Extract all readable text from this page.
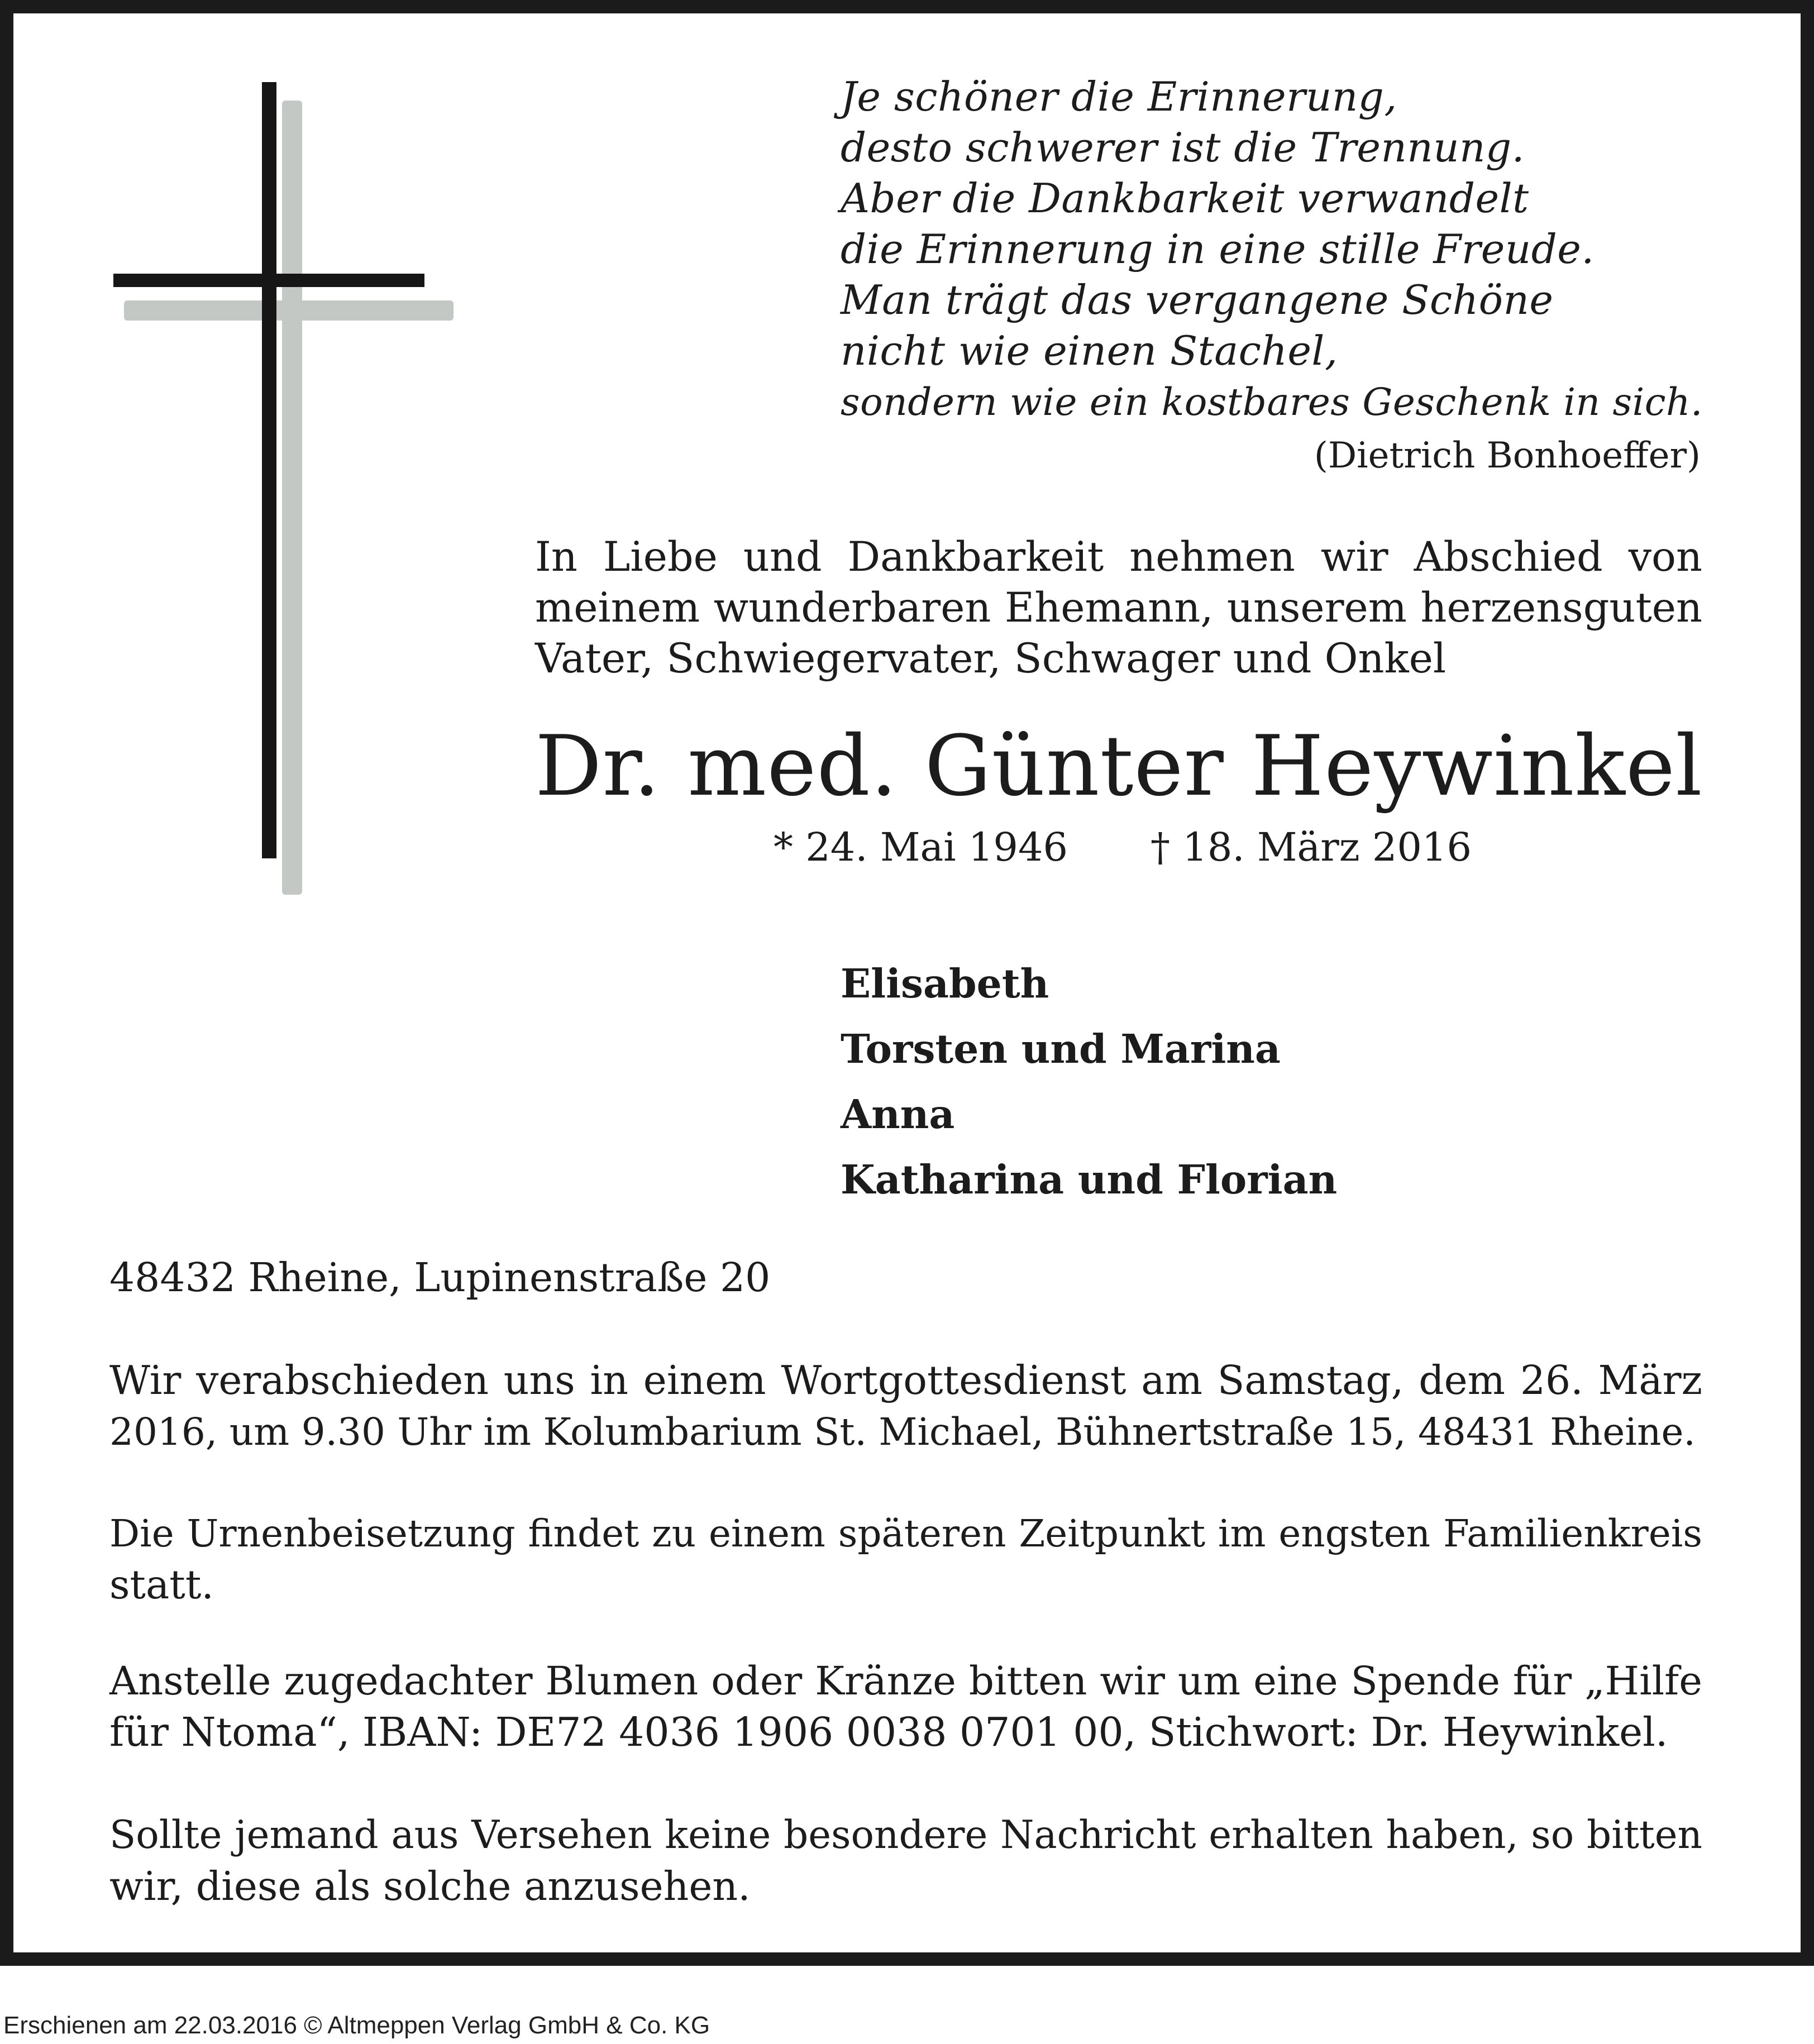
Je schöner die Erinnerung,
desto schwerer ist die Trennung.
Aber die Dankbarkeit verwandelt
die Erinnerung in eine stille Freude.
Man trägt das vergangene Schöne
nicht wie einen Stachel,
sondern wie ein kostbares Geschenk in sich.
(Dietrich Bonhoeffer)
In Liebe und Dankbarkeit nehmen wir Abschied von
meinem wunderbaren Ehemann, unserem herzensguten
Vater, Schwiegervater, Schwager und Onkel
Dr. med. Günter Heywinkel
* 24. Mai 1946 † 18. März 2016
Elisabeth
Torsten und Marina
Anna
Katharina und Florian
48432 Rheine, Lupinenstraße 20
Wir verabschieden uns in einem Wortgottesdienst am Samstag, dem 26. März
2016, um 9.30 Uhr im Kolumbarium St. Michael, Bühnertstraße 15, 48431 Rheine.
Die Urnenbeisetzung findet zu einem späteren Zeitpunkt im engsten Familienkreis
statt.
Anstelle zugedachter Blumen oder Kränze bitten wir um eine Spende für „Hilfe
für Ntoma“, IBAN: DE72 4036 1906 0038 0701 00, Stichwort: Dr. Heywinkel.
Sollte jemand aus Versehen keine besondere Nachricht erhalten haben, so bitten
wir, diese als solche anzusehen.
Erschienen am 22.03.2016 © Altmeppen Verlag GmbH & Co. KG
